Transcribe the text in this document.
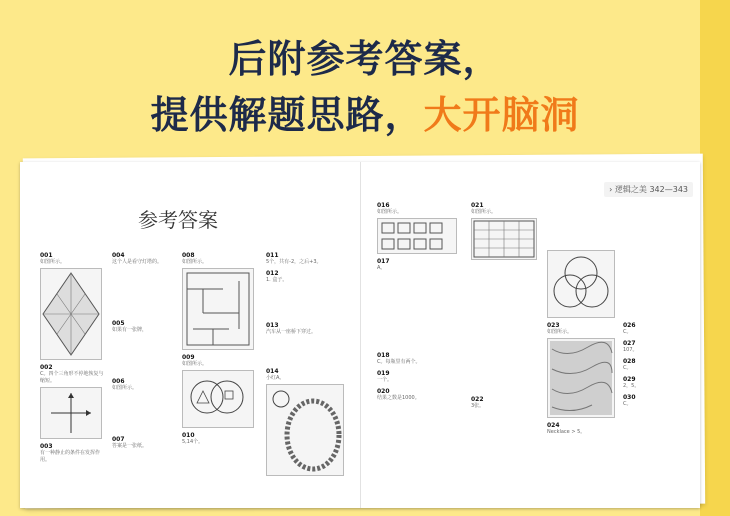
后附参考答案，
提供解题思路，大开脑洞
参考答案
001
如图所示。
002
C。四个三角形不停地恢复与缩短。
003
有一种静止的条件在发挥作用。
004
这个人是看守灯塔的。
005
如果有一张牌，
006
如图所示。
007
答案是一张纸。
008
如图所示。
009
如图所示。
010
5,14个。
011
5个，共有-2，之后+3。
012
1. 盒子。
013
汽车从一座桥下穿过。
014
小红A。
› 逻辑之美 342—343
016
如图所示。
017
A。
018
C。每瓶里有两个。
019
一个。
020
结果之数是1000。
021
如图所示。
022
3张。
023
如图所示。
024
Necklace > 5。
026
C。
027
107。
028
C。
029
2，5。
030
C。
